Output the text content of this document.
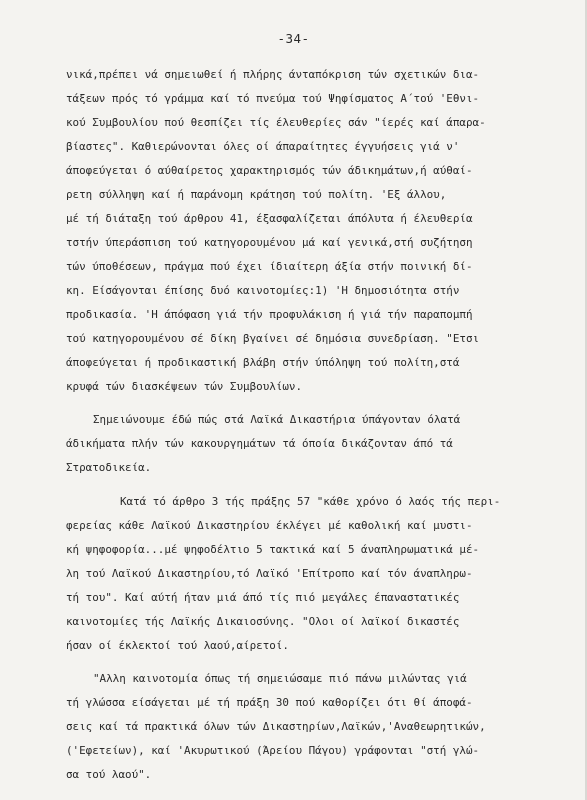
-34-
νικά,πρέπει νά σημειωθεί ή πλήρης άνταπόκριση τών σχετικών δια-
τάξεων πρός τό γράμμα καί τό πνεύμα τού Ψηφίσματος Α΄τού 'Εθνι-
κού Συμβουλίου πού θεσπίζει τίς έλευθερίες σάν "ίερές καί άπαρα-
βίαστες". Καθιερώνονται όλες οί άπαραίτητες έγγυήσεις γιά ν'
άποφεύγεται ό αύθαίρετος χαρακτηρισμός τών άδικημάτων,ή αύθαί-
ρετη σύλληψη καί ή παράνομη κράτηση τού πολίτη. 'Εξ άλλου,
μέ τή διάταξη τού άρθρου 41, έξασφαλίζεται άπόλυτα ή έλευθερία
τστήν ύπεράσπιση τού κατηγορουμένου μά καί γενικά,στή συζήτηση
τών ύποθέσεων, πράγμα πού έχει ίδιαίτερη άξία στήν ποινική δί-
κη. Είσάγονται έπίσης δυό καινοτομίες:1) 'Η δημοσιότητα στήν
προδικασία. 'Η άπόφαση γιά τήν προφυλάκιση ή γιά τήν παραπομπή
τού κατηγορουμένου σέ δίκη βγαίνει σέ δημόσια συνεδρίαση. "Ετσι
άποφεύγεται ή προδικαστική βλάβη στήν ύπόληψη τού πολίτη,στά
κρυφά τών διασκέψεων τών Συμβουλίων.
Σημειώνουμε έδώ πώς στά Λαϊκά Δικαστήρια ύπάγονταν όλατά
άδικήματα πλήν τών κακουργημάτων τά όποία δικάζονταν άπό τά
Στρατοδικεία.
Κατά τό άρθρο 3 τής πράξης 57 "κάθε χρόνο ό λαός τής περι-
φερείας κάθε Λαϊκού Δικαστηρίου έκλέγει μέ καθολική καί μυστι-
κή ψηφοφορία...μέ ψηφοδέλτιο 5 τακτικά καί 5 άναπληρωματικά μέ-
λη τού Λαϊκού Δικαστηρίου,τό Λαϊκό 'Επίτροπο καί τόν άναπληρω-
τή του". Καί αύτή ήταν μιά άπό τίς πιό μεγάλες έπαναστατικές
καινοτομίες τής Λαϊκής Δικαιοσύνης. "Ολοι οί λαϊκοί δικαστές
ήσαν οί έκλεκτοί τού λαού,αίρετοί.
"Αλλη καινοτομία όπως τή σημειώσαμε πιό πάνω μιλώντας γιά
τή γλώσσα είσάγεται μέ τή πράξη 30 πού καθορίζει ότι θί άποφά-
σεις καί τά πρακτικά όλων τών Δικαστηρίων,Λαϊκών,'Αναθεωρητικών,
('Εφετείων), καί 'Ακυρωτικού (Άρείου Πάγου) γράφονται "στή γλώ-
σα τού λαού".
